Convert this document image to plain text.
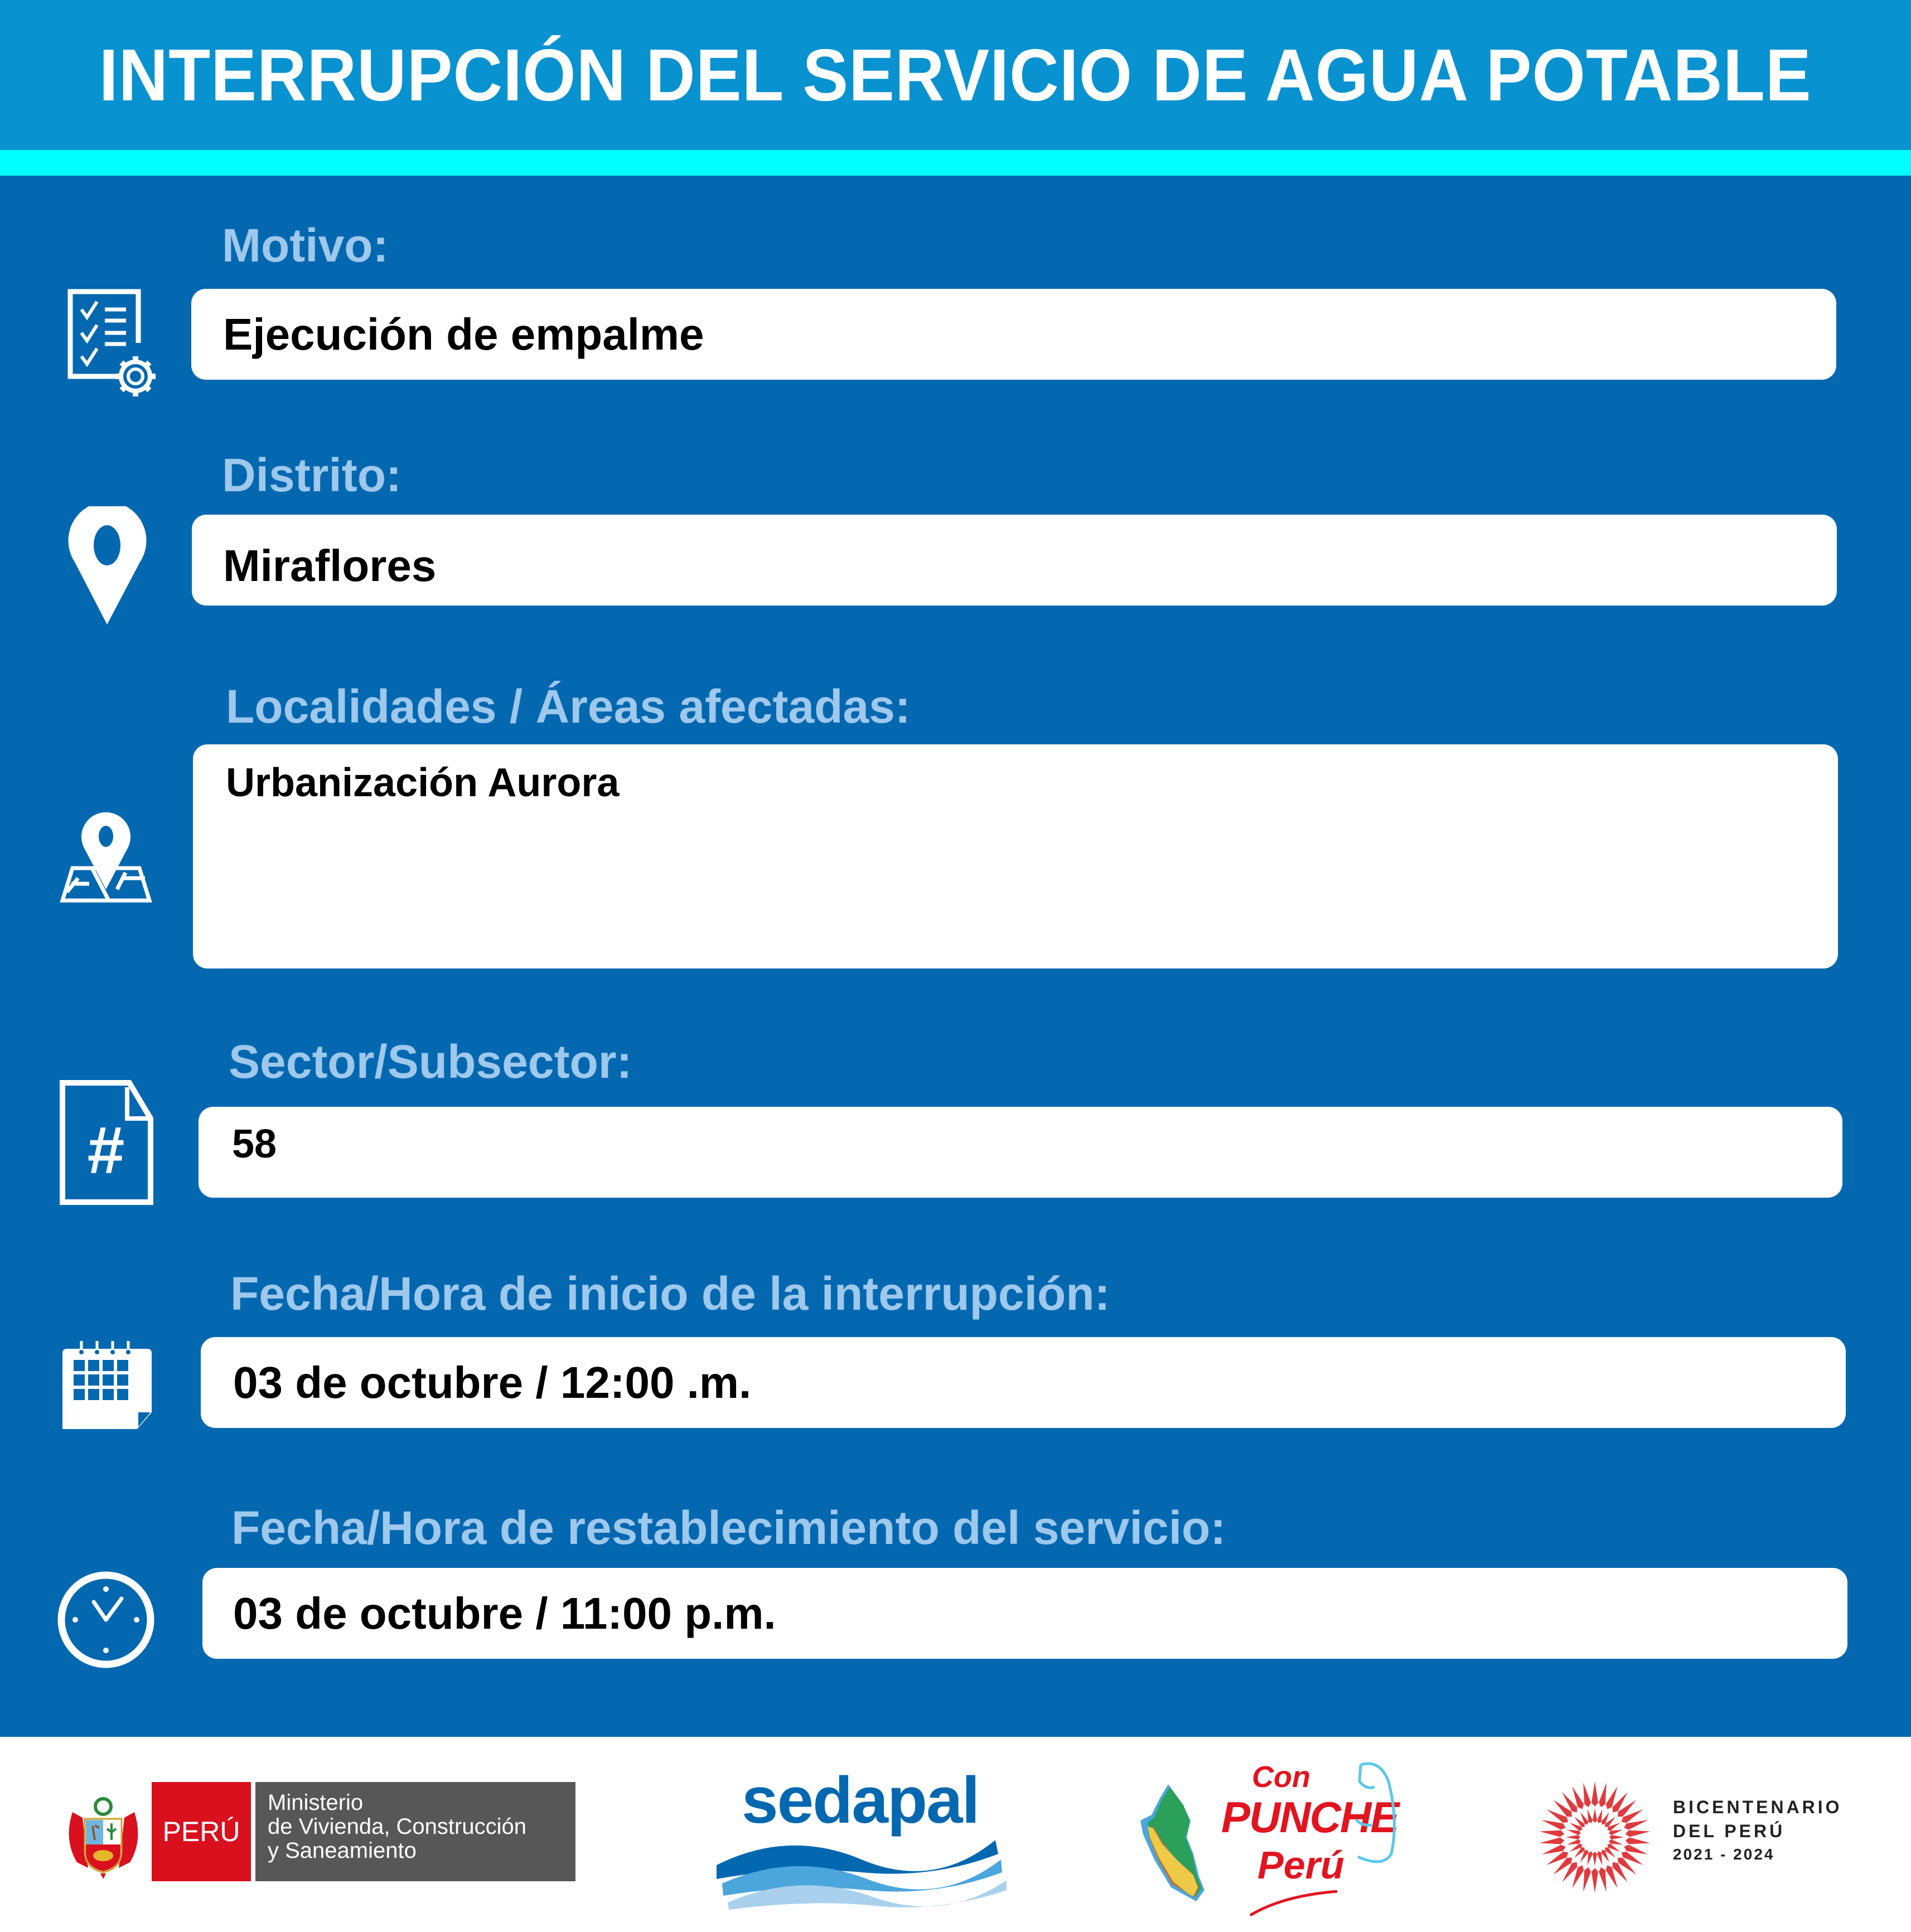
INTERRUPCIÓN DEL SERVICIO DE AGUA POTABLE
Motivo:
Ejecución de empalme
Distrito:
Miraflores
Localidades / Áreas afectadas:
Urbanización Aurora
#
Sector/Subsector:
58
Fecha/Hora de inicio de la interrupción:
03 de octubre / 12:00 .m.
Fecha/Hora de restablecimiento del servicio:
03 de octubre / 11:00 p.m.
PERÚ
Ministerio
de Vivienda, Construcción
y Saneamiento
sedapal	Con
PUNCHE
Perú
BICENTENARIO
DEL PERÚ
2021 - 2024
